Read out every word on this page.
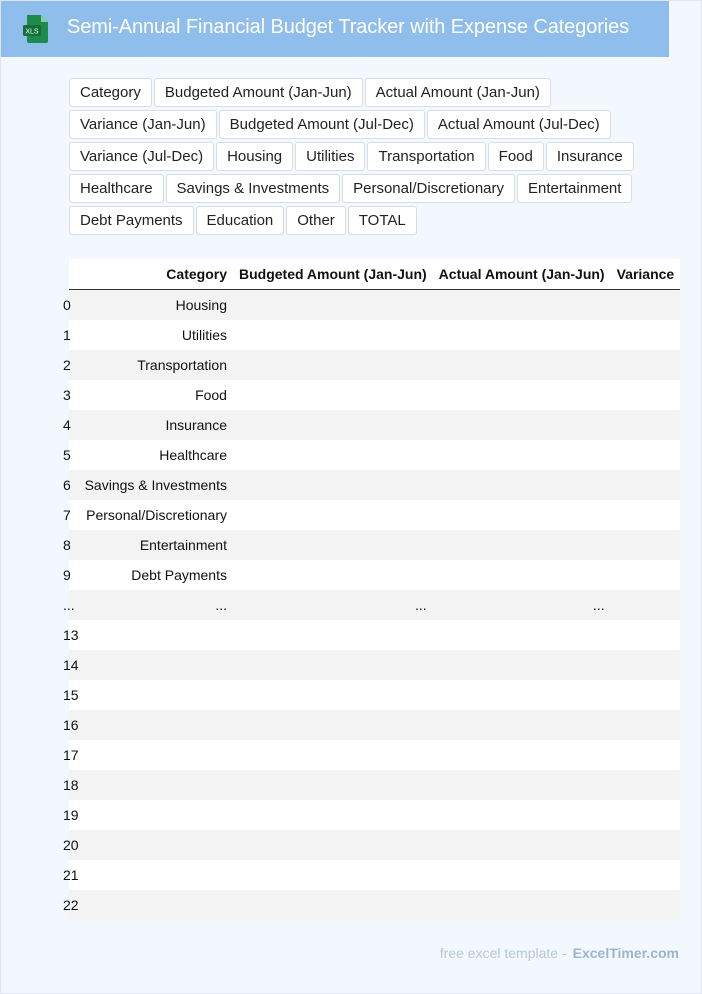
XLS Semi-Annual Financial Budget Tracker with Expense Categories
Category	Budgeted Amount (Jan-Jun)	Actual Amount (Jan-Jun)
Variance (Jan-Jun)	Budgeted Amount (Jul-Dec)	Actual Amount (Jul-Dec)
Variance (Jul-Dec)	Housing	Utilities	Transportation	Food	Insurance
Healthcare	Savings & Investments	Personal/Discretionary	Entertainment
Debt Payments	Education	Other	TOTAL
	Category	Budgeted Amount (Jan-Jun)	Actual Amount (Jan-Jun)	Variance
0	Housing			
1	Utilities			
2	Transportation			
3	Food			
4	Insurance			
5	Healthcare			
6	Savings & Investments			
7	Personal/Discretionary			
8	Entertainment			
9	Debt Payments			
...	...	...	...	
13				
14				
15				
16				
17				
18				
19				
20				
21				
22				
free excel template - ExcelTimer.com
